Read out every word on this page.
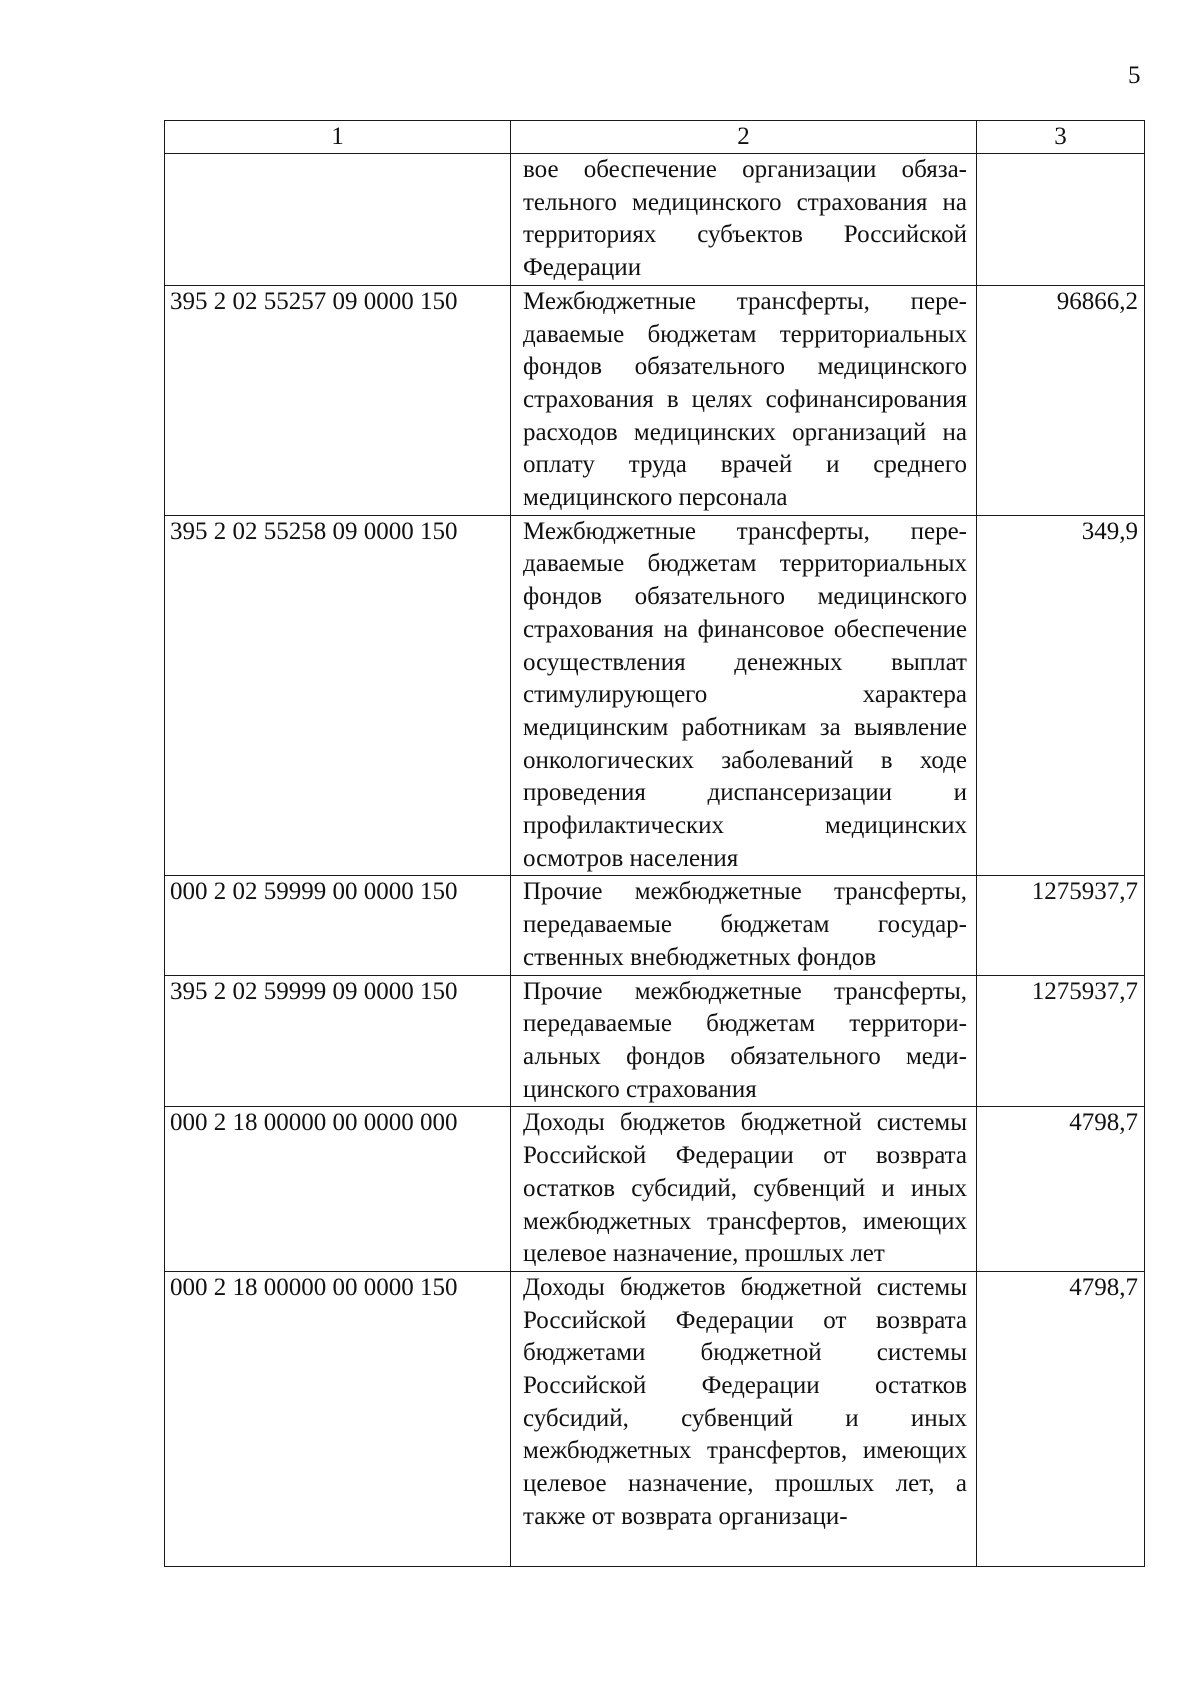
5
1	2	3
	вое обеспечение организации обязательного медицинского страхования на территориях субъектов Российской Федерации	
395 2 02 55257 09 0000 150	Межбюджетные трансферты, передаваемые бюджетам территориальных фондов обязательного медицинского страхования в целях софинансирования расходов медицинских организаций на оплату труда врачей и среднего медицинского персонала	96866,2
395 2 02 55258 09 0000 150	Межбюджетные трансферты, передаваемые бюджетам территориальных фондов обязательного медицинского страхования на финансовое обеспечение осуществления денежных выплат стимулирующего характера медицинским работникам за выявление онкологических заболеваний в ходе проведения диспансеризации и профилактических медицинских осмотров населения	349,9
000 2 02 59999 00 0000 150	Прочие межбюджетные трансферты, передаваемые бюджетам государственных внебюджетных фондов	1275937,7
395 2 02 59999 09 0000 150	Прочие межбюджетные трансферты, передаваемые бюджетам территориальных фондов обязательного медицинского страхования	1275937,7
000 2 18 00000 00 0000 000	Доходы бюджетов бюджетной системы Российской Федерации от возврата остатков субсидий, субвенций и иных межбюджетных трансфертов, имеющих целевое назначение, прошлых лет	4798,7
000 2 18 00000 00 0000 150	Доходы бюджетов бюджетной системы Российской Федерации от возврата бюджетами бюджетной системы Российской Федерации остатков субсидий, субвенций и иных межбюджетных трансфертов, имеющих целевое назначение, прошлых лет, а также от возврата организаци-	4798,7
